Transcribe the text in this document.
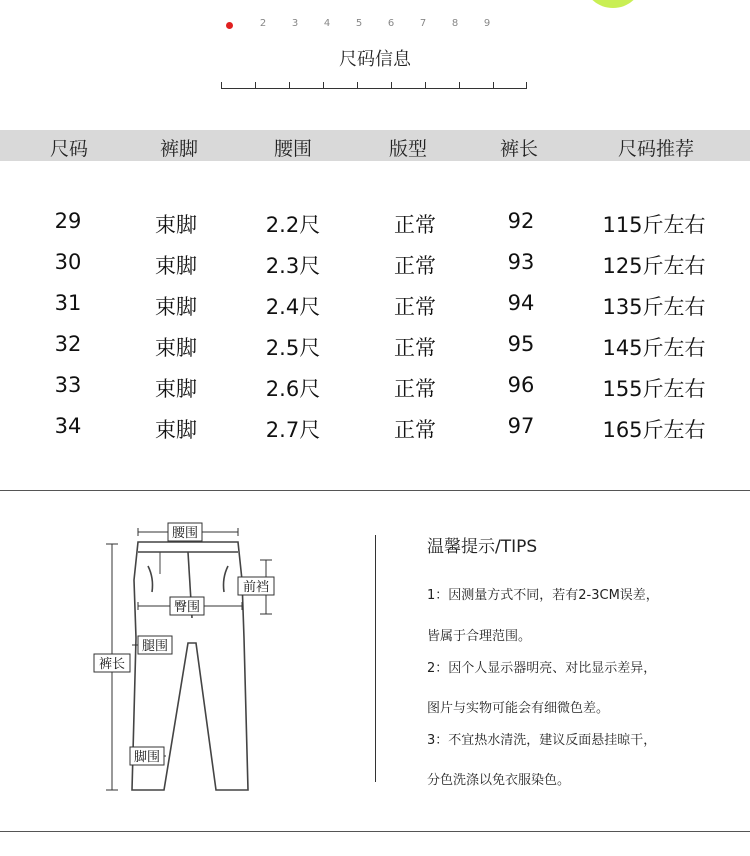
2	3	4	5	6	7	8	9
尺码信息
尺码	裤脚	腰围	版型	裤长	尺码推荐
29	束脚	2.2尺	正常	92	115斤左右
30	束脚	2.3尺	正常	93	125斤左右
31	束脚	2.4尺	正常	94	135斤左右
32	束脚	2.5尺	正常	95	145斤左右
33	束脚	2.6尺	正常	96	155斤左右
34	束脚	2.7尺	正常	97	165斤左右
腰围
前裆
臀围
腿围
裤长
脚围
温馨提示/TIPS
1：因测量方式不同，若有2-3CM误差，
皆属于合理范围。
2：因个人显示器明亮、对比显示差异，
图片与实物可能会有细微色差。
3：不宜热水清洗，建议反面悬挂晾干，
分色洗涤以免衣服染色。
